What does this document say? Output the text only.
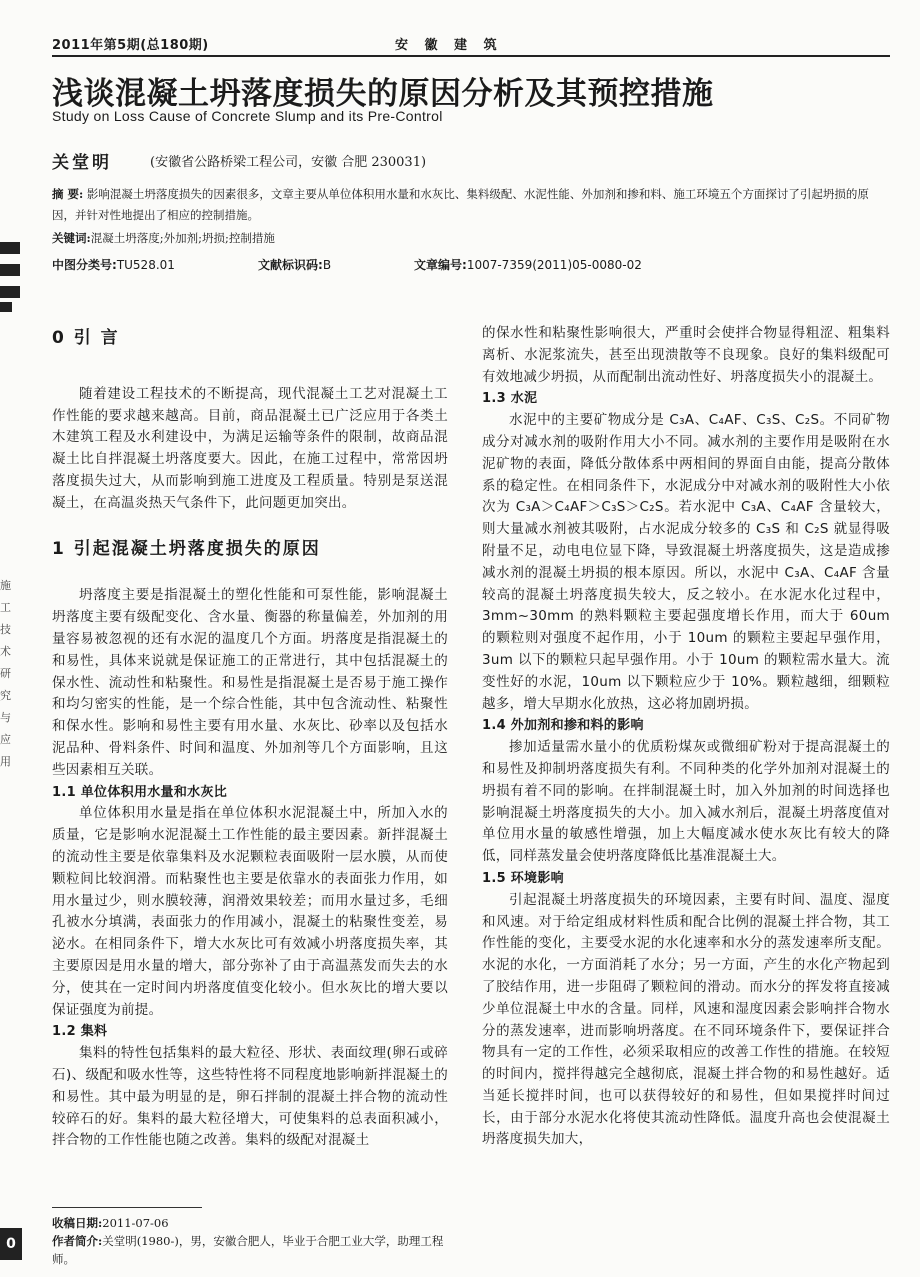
2011年第5期(总180期)	安 徽 建 筑
浅谈混凝土坍落度损失的原因分析及其预控措施
Study on Loss Cause of Concrete Slump and its Pre-Control
关堂明	(安徽省公路桥梁工程公司，安徽 合肥 230031)
摘 要: 影响混凝土坍落度损失的因素很多，文章主要从单位体积用水量和水灰比、集料级配、水泥性能、外加剂和掺和料、施工环境五个方面探讨了引起坍损的原因，并针对性地提出了相应的控制措施。
关键词:混凝土坍落度;外加剂;坍损;控制措施
中图分类号:TU528.01	文献标识码:B	文章编号:1007-7359(2011)05-0080-02
施工技术研究与应用
0 引 言

随着建设工程技术的不断提高，现代混凝土工艺对混凝土工作性能的要求越来越高。目前，商品混凝土已广泛应用于各类土木建筑工程及水利建设中，为满足运输等条件的限制，故商品混凝土比自拌混凝土坍落度要大。因此，在施工过程中，常常因坍落度损失过大，从而影响到施工进度及工程质量。特别是泵送混凝土，在高温炎热天气条件下，此问题更加突出。

1 引起混凝土坍落度损失的原因

坍落度主要是指混凝土的塑化性能和可泵性能，影响混凝土坍落度主要有级配变化、含水量、衡器的称量偏差，外加剂的用量容易被忽视的还有水泥的温度几个方面。坍落度是指混凝土的和易性，具体来说就是保证施工的正常进行，其中包括混凝土的保水性、流动性和粘聚性。和易性是指混凝土是否易于施工操作和均匀密实的性能，是一个综合性能，其中包含流动性、粘聚性和保水性。影响和易性主要有用水量、水灰比、砂率以及包括水泥品种、骨料条件、时间和温度、外加剂等几个方面影响，且这些因素相互关联。

1.1 单位体积用水量和水灰比

单位体积用水量是指在单位体积水泥混凝土中，所加入水的质量，它是影响水泥混凝土工作性能的最主要因素。新拌混凝土的流动性主要是依靠集料及水泥颗粒表面吸附一层水膜，从而使颗粒间比较润滑。而粘聚性也主要是依靠水的表面张力作用，如用水量过少，则水膜较薄，润滑效果较差；而用水量过多，毛细孔被水分填满，表面张力的作用减小，混凝土的粘聚性变差，易泌水。在相同条件下，增大水灰比可有效减小坍落度损失率，其主要原因是用水量的增大，部分弥补了由于高温蒸发而失去的水分，使其在一定时间内坍落度值变化较小。但水灰比的增大要以保证强度为前提。

1.2 集料

集料的特性包括集料的最大粒径、形状、表面纹理(卵石或碎石)、级配和吸水性等，这些特性将不同程度地影响新拌混凝土的和易性。其中最为明显的是，卵石拌制的混凝土拌合物的流动性较碎石的好。集料的最大粒径增大，可使集料的总表面积减小，拌合物的工作性能也随之改善。集料的级配对混凝土

的保水性和粘聚性影响很大，严重时会使拌合物显得粗涩、粗集料离析、水泥浆流失，甚至出现溃散等不良现象。良好的集料级配可有效地减少坍损，从而配制出流动性好、坍落度损失小的混凝土。

1.3 水泥

水泥中的主要矿物成分是 C₃A、C₄AF、C₃S、C₂S。不同矿物成分对减水剂的吸附作用大小不同。减水剂的主要作用是吸附在水泥矿物的表面，降低分散体系中两相间的界面自由能，提高分散体系的稳定性。在相同条件下，水泥成分中对减水剂的吸附性大小依次为 C₃A＞C₄AF＞C₃S＞C₂S。若水泥中 C₃A、C₄AF 含量较大，则大量减水剂被其吸附，占水泥成分较多的 C₃S 和 C₂S 就显得吸附量不足，动电电位显下降，导致混凝土坍落度损失，这是造成掺减水剂的混凝土坍损的根本原因。所以，水泥中 C₃A、C₄AF 含量较高的混凝土坍落度损失较大，反之较小。在水泥水化过程中，3mm~30mm 的熟料颗粒主要起强度增长作用，而大于 60um 的颗粒则对强度不起作用，小于 10um 的颗粒主要起早强作用，3um 以下的颗粒只起早强作用。小于 10um 的颗粒需水量大。流变性好的水泥，10um 以下颗粒应少于 10%。颗粒越细，细颗粒越多，增大早期水化放热，这必将加剧坍损。

1.4 外加剂和掺和料的影响

掺加适量需水量小的优质粉煤灰或微细矿粉对于提高混凝土的和易性及抑制坍落度损失有利。不同种类的化学外加剂对混凝土的坍损有着不同的影响。在拌制混凝土时，加入外加剂的时间选择也影响混凝土坍落度损失的大小。加入减水剂后，混凝土坍落度值对单位用水量的敏感性增强，加上大幅度减水使水灰比有较大的降低，同样蒸发量会使坍落度降低比基准混凝土大。

1.5 环境影响

引起混凝土坍落度损失的环境因素，主要有时间、温度、湿度和风速。对于给定组成材料性质和配合比例的混凝土拌合物，其工作性能的变化，主要受水泥的水化速率和水分的蒸发速率所支配。水泥的水化，一方面消耗了水分；另一方面，产生的水化产物起到了胶结作用，进一步阻碍了颗粒间的滑动。而水分的挥发将直接减少单位混凝土中水的含量。同样，风速和湿度因素会影响拌合物水分的蒸发速率，进而影响坍落度。在不同环境条件下，要保证拌合物具有一定的工作性，必须采取相应的改善工作性的措施。在较短的时间内，搅拌得越完全越彻底，混凝土拌合物的和易性越好。适当延长搅拌时间，也可以获得较好的和易性，但如果搅拌时间过长，由于部分水泥水化将使其流动性降低。温度升高也会使混凝土坍落度损失加大，

收稿日期:2011-07-06
作者简介:关堂明(1980-)，男，安徽合肥人，毕业于合肥工业大学，助理工程师。
0
